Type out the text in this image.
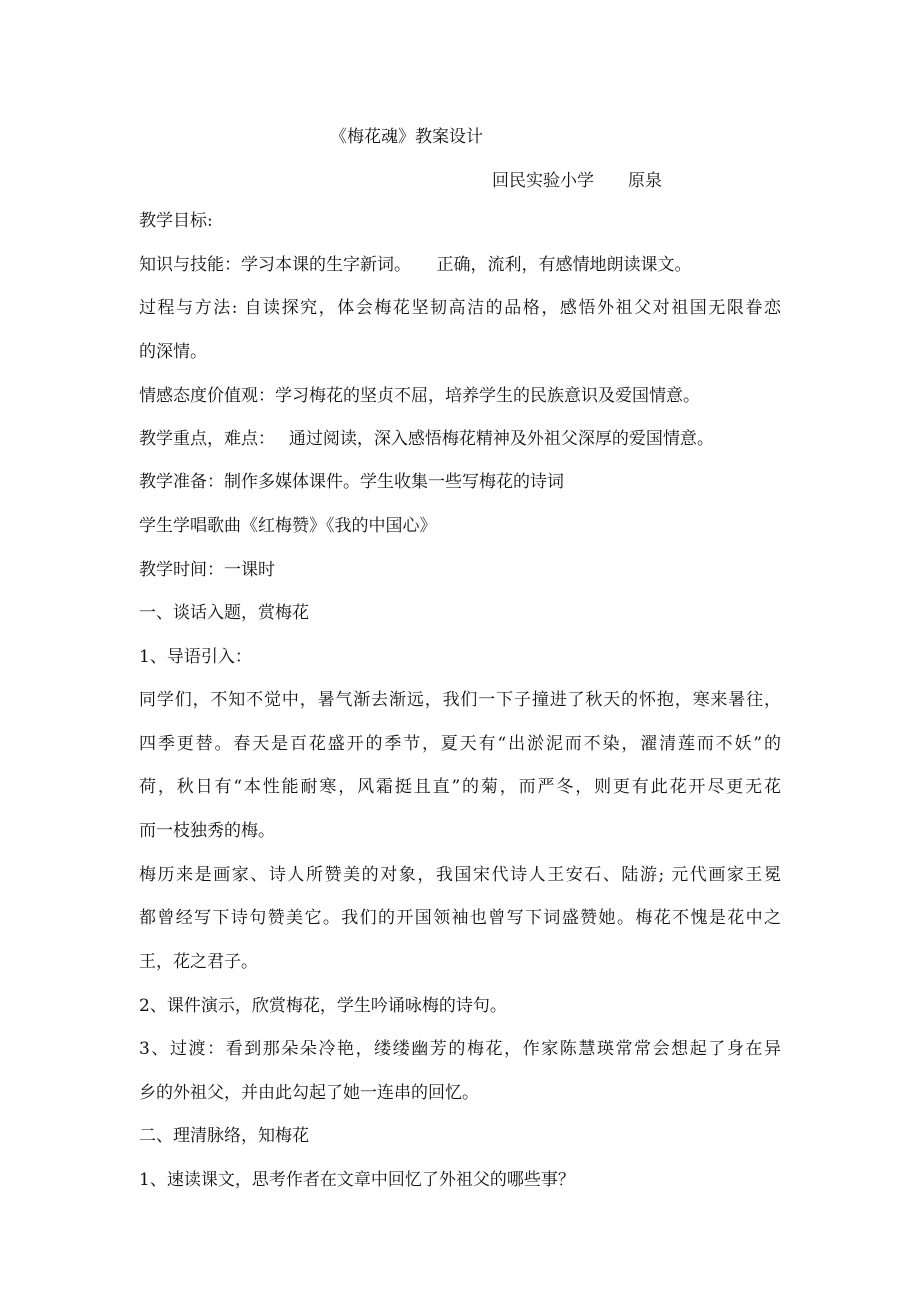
《梅花魂》教案设计
回民实验小学 原泉
教学目标:
知识与技能：学习本课的生字新词。　　正确，流利，有感情地朗读课文。
过程与方法: 自读探究，体会梅花坚韧高洁的品格，感悟外祖父对祖国无限眷恋
的深情。
情感态度价值观：学习梅花的坚贞不屈，培养学生的民族意识及爱国情意。
教学重点，难点：　 通过阅读，深入感悟梅花精神及外祖父深厚的爱国情意。
教学准备：制作多媒体课件。学生收集一些写梅花的诗词
学生学唱歌曲《红梅赞》《我的中国心》
教学时间：一课时
一、谈话入题，赏梅花
1、导语引入：
同学们，不知不觉中，暑气渐去渐远，我们一下子撞进了秋天的怀抱，寒来暑往，
四季更替。春天是百花盛开的季节，夏天有“出淤泥而不染，濯清莲而不妖”的
荷，秋日有“本性能耐寒，风霜挺且直”的菊，而严冬，则更有此花开尽更无花
而一枝独秀的梅。
梅历来是画家、诗人所赞美的对象，我国宋代诗人王安石、陆游; 元代画家王冕
都曾经写下诗句赞美它。我们的开国领袖也曾写下词盛赞她。梅花不愧是花中之
王，花之君子。
2、课件演示，欣赏梅花，学生吟诵咏梅的诗句。
3、过渡：看到那朵朵冷艳，缕缕幽芳的梅花，作家陈慧瑛常常会想起了身在异
乡的外祖父，并由此勾起了她一连串的回忆。
二、理清脉络，知梅花
1、速读课文，思考作者在文章中回忆了外祖父的哪些事？
